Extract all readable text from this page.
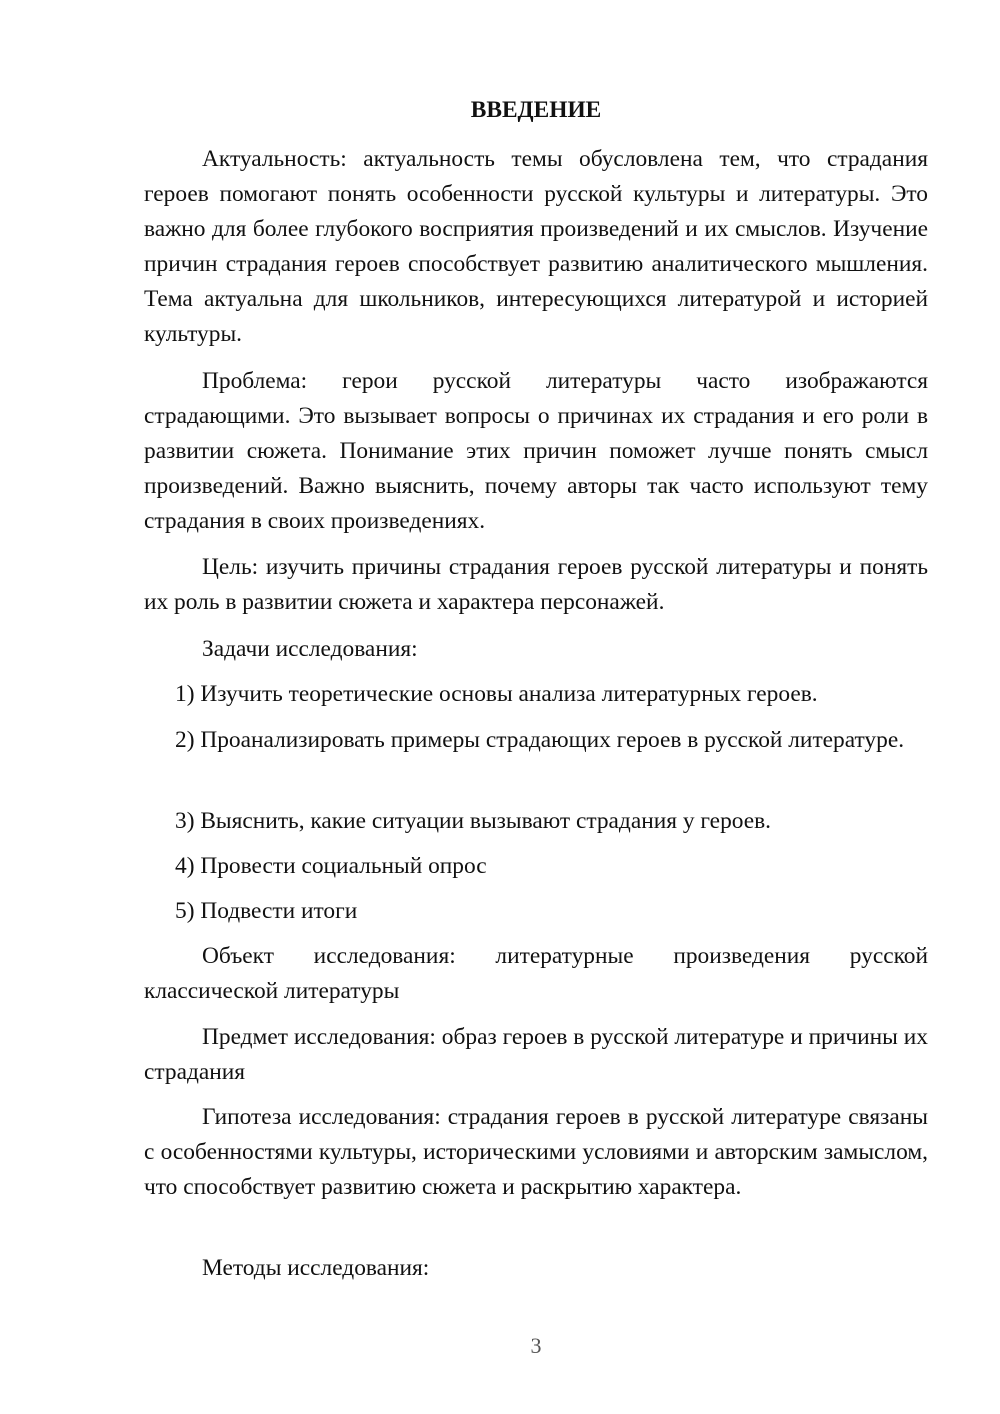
ВВЕДЕНИЕ

Актуальность: актуальность темы обусловлена тем, что страдания героев помогают понять особенности русской культуры и литературы. Это важно для более глубокого восприятия произведений и их смыслов. Изучение причин страдания героев способствует развитию аналитического мышления. Тема актуальна для школьников, интересующихся литературой и историей культуры.

Проблема: герои русской литературы часто изображаются страдающими. Это вызывает вопросы о причинах их страдания и его роли в развитии сюжета. Понимание этих причин поможет лучше понять смысл произведений. Важно выяснить, почему авторы так часто используют тему страдания в своих произведениях.

Цель: изучить причины страдания героев русской литературы и понять их роль в развитии сюжета и характера персонажей.

Задачи исследования:

1) Изучить теоретические основы анализа литературных героев.

2) Проанализировать примеры страдающих героев в русской литературе.

3) Выяснить, какие ситуации вызывают страдания у героев.

4) Провести социальный опрос

5) Подвести итоги

Объект исследования: литературные произведения русской классической литературы

Предмет исследования: образ героев в русской литературе и причины их страдания

Гипотеза исследования: страдания героев в русской литературе связаны с особенностями культуры, историческими условиями и авторским замыслом, что способствует развитию сюжета и раскрытию характера.

Методы исследования:

3
